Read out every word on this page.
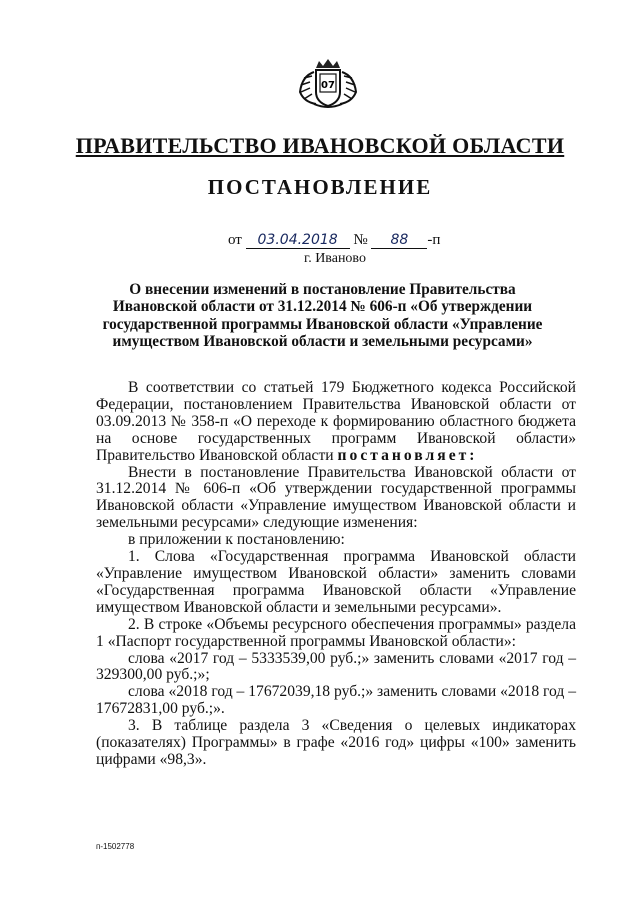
07
ПРАВИТЕЛЬСТВО ИВАНОВСКОЙ ОБЛАСТИ
ПОСТАНОВЛЕНИЕ
от 03.04.2018 № 88 -п
г. Иваново
О внесении изменений в постановление Правительства Ивановской области от 31.12.2014 № 606-п «Об утверждении государственной программы Ивановской области «Управление имуществом Ивановской области и земельными ресурсами»

В соответствии со статьей 179 Бюджетного кодекса Российской Федерации, постановлением Правительства Ивановской области от 03.09.2013 № 358-п «О переходе к формированию областного бюджета на основе государственных программ Ивановской области» Правительство Ивановской области постановляет:

Внести в постановление Правительства Ивановской области от 31.12.2014 № 606-п «Об утверждении государственной программы Ивановской области «Управление имуществом Ивановской области и земельными ресурсами» следующие изменения:

в приложении к постановлению:

1. Слова «Государственная программа Ивановской области «Управление имуществом Ивановской области» заменить словами «Государственная программа Ивановской области «Управление имуществом Ивановской области и земельными ресурсами».

2. В строке «Объемы ресурсного обеспечения программы» раздела 1 «Паспорт государственной программы Ивановской области»:

слова «2017 год – 5333539,00 руб.;» заменить словами «2017 год – 329300,00 руб.;»;

слова «2018 год – 17672039,18 руб.;» заменить словами «2018 год – 17672831,00 руб.;».

3. В таблице раздела 3 «Сведения о целевых индикаторах (показателях) Программы» в графе «2016 год» цифры «100» заменить цифрами «98,3».

п-1502778
